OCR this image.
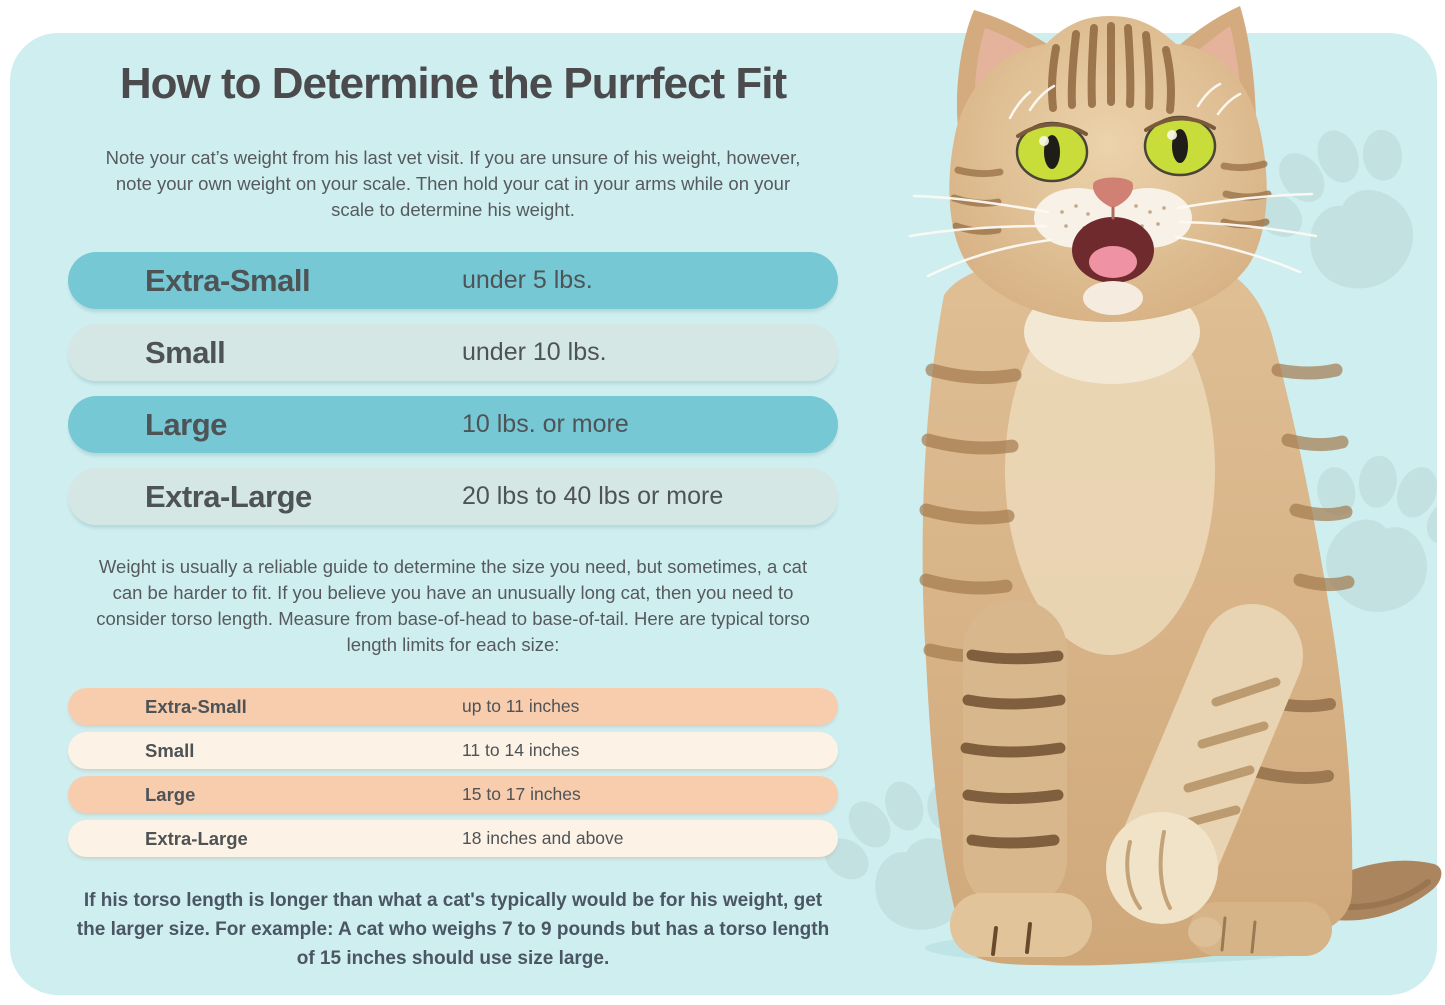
How to Determine the Purrfect Fit
Note your cat’s weight from his last vet visit. If you are unsure of his weight, however,
note your own weight on your scale. Then hold your cat in your arms while on your
scale to determine his weight.
Extra-Small	under 5 lbs.
Small	under 10 lbs.
Large	10 lbs. or more
Extra-Large	20 lbs to 40 lbs or more
Weight is usually a reliable guide to determine the size you need, but sometimes, a cat
can be harder to fit. If you believe you have an unusually long cat, then you need to
consider torso length. Measure from base-of-head to base-of-tail. Here are typical torso
length limits for each size:
Extra-Small	up to 11 inches
Small	11 to 14 inches
Large	15 to 17 inches
Extra-Large	18 inches and above
If his torso length is longer than what a cat's typically would be for his weight, get
the larger size. For example: A cat who weighs 7 to 9 pounds but has a torso length
of 15 inches should use size large.
